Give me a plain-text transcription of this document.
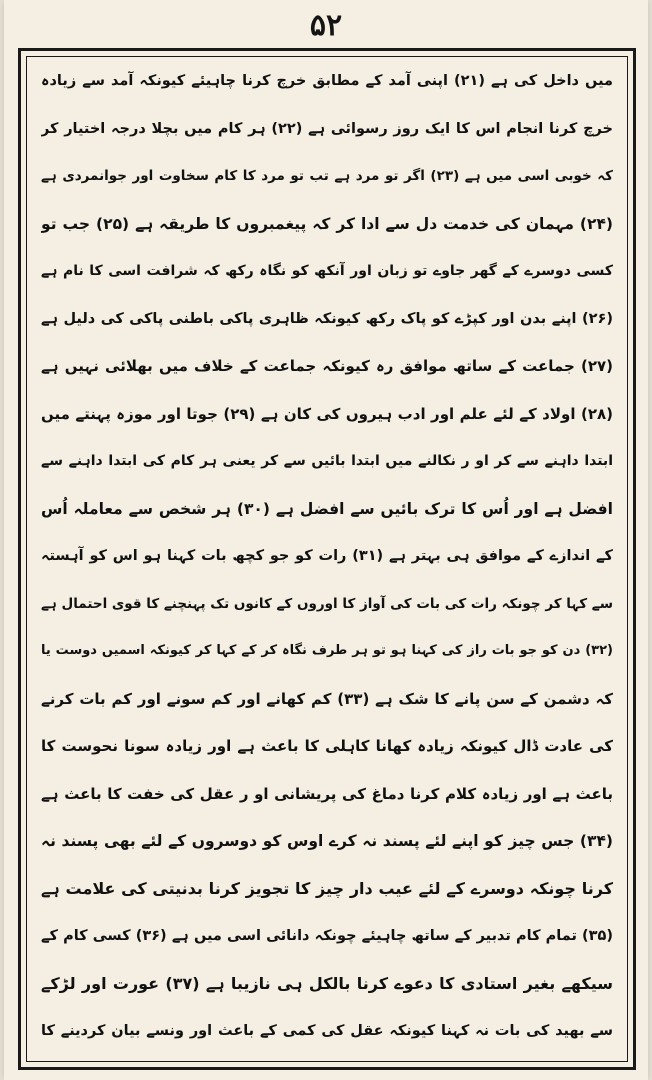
۵۲
میں داخل کی ہے (۲۱) اپنی آمد کے مطابق خرچ کرنا چاہیئے کیونکہ آمد سے زیادہ
خرچ کرنا انجام اس کا ایک روز رسوائی ہے (۲۲) ہر کام میں بچلا درجہ اختیار کر
کہ خوبی اسی میں ہے (۲۳) اگر تو مرد ہے تب تو مرد کا کام سخاوت اور جوانمردی ہے
(۲۴) مہمان کی خدمت دل سے ادا کر کہ پیغمبروں کا طریقہ ہے (۲۵) جب تو
کسی دوسرے کے گھر جاوے تو زبان اور آنکھ کو نگاہ رکھ کہ شرافت اسی کا نام ہے
(۲۶) اپنے بدن اور کپڑے کو پاک رکھ کیونکہ ظاہری پاکی باطنی پاکی کی دلیل ہے
(۲۷) جماعت کے ساتھ موافق رہ کیونکہ جماعت کے خلاف میں بھلائی نہیں ہے
(۲۸) اولاد کے لئے علم اور ادب ہیروں کی کان ہے (۲۹) جوتا اور موزہ پہنتے میں
ابتدا داہنے سے کر او ر نکالنے میں ابتدا بائیں سے کر یعنی ہر کام کی ابتدا داہنے سے
افضل ہے اور اُس کا ترک بائیں سے افضل ہے (۳۰) ہر شخص سے معاملہ اُس
کے اندازے کے موافق ہی بہتر ہے (۳۱) رات کو جو کچھ بات کہنا ہو اس کو آہستہ
سے کہا کر چونکہ رات کی بات کی آواز کا اوروں کے کانوں تک پہنچنے کا قوی احتمال ہے
(۳۲) دن کو جو بات راز کی کہنا ہو تو ہر طرف نگاہ کر کے کہا کر کیونکہ اسمیں دوست یا
کہ دشمن کے سن پانے کا شک ہے (۳۳) کم کھانے اور کم سونے اور کم بات کرنے
کی عادت ڈال کیونکہ زیادہ کھانا کاہلی کا باعث ہے اور زیادہ سونا نحوست کا
باعث ہے اور زیادہ کلام کرنا دماغ کی پریشانی او ر عقل کی خفت کا باعث ہے
(۳۴) جس چیز کو اپنے لئے پسند نہ کرے اوس کو دوسروں کے لئے بھی پسند نہ
کرنا چونکہ دوسرے کے لئے عیب دار چیز کا تجویز کرنا بدنیتی کی علامت ہے
(۳۵) تمام کام تدبیر کے ساتھ چاہیئے چونکہ دانائی اسی میں ہے (۳۶) کسی کام کے
سیکھے بغیر استادی کا دعوے کرنا بالکل ہی نازیبا ہے (۳۷) عورت اور لڑکے
سے بھید کی بات نہ کہنا کیونکہ عقل کی کمی کے باعث اور ونسے بیان کردینے کا
